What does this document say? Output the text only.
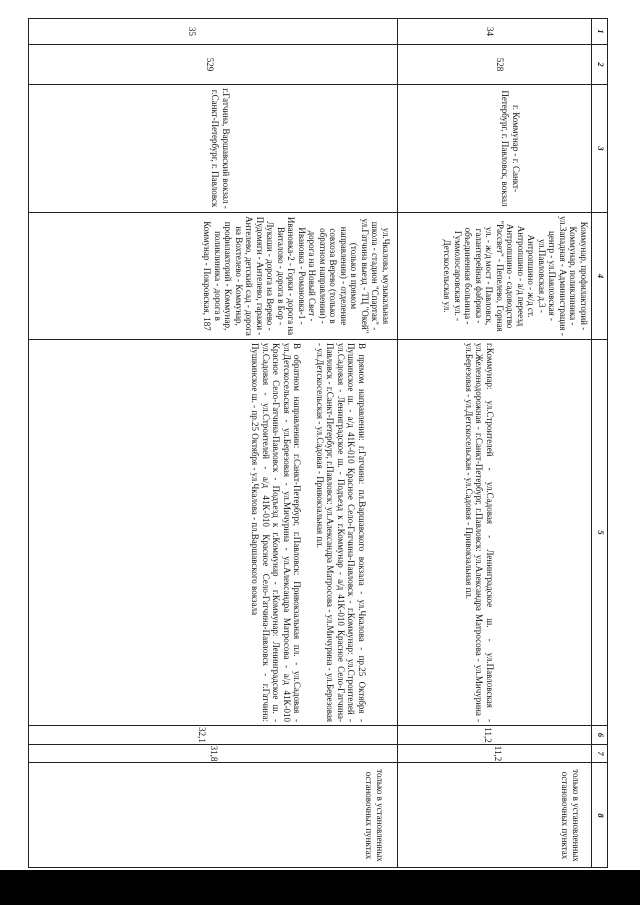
1
2
3
4
5
6
7
8
34
528
г. Коммунар - г. Санкт-Петербург, г. Павловск, вокзал
Коммунар, профилакторий - Коммунар, поликлиника - ул.Западная - Администрация - центр - ул.Павловская - ул.Павловская д.3 - Антропшино - ж/д ст. Антропшино - а/д переезд Антропшино - садоводство "Рассвет" - Пепелево, Горная ул. - ж/д мост - Павловск, галантерейная фабрика - объединенная больница - Гуммолосаровская ул. - Детскосельская ул.
г.Коммунар: ул.Строителей - ул.Садовая - Ленинградское ш. - ул.Павловская - ул.Железнодорожная - г.Санкт-Петербург, г.Павловск: ул.Александра Матросова - ул.Мичурина - ул.Березовая - ул.Детскосельская - ул.Садовая - Привокзальная пл.
11,2
11,2
только в установленных остановочных пунктах
35
529
г.Гатчина, Варшавский вокзал - г.Санкт-Петербург, г. Павловск
ул.Чкалова, музыкальная школа - стадион "Спартак" - ул.Гатчина выезд - ТЦ "Окей" (только в прямом направлении) - отделение совхоза Верево (только в обратном направлении) - дорога на Новый Свет - Ивановка - Романовка-1 - Ивановка-2 - Горки - дорога на Виталово - дорога в Бор - Лукаши - дорога на Верево - Пудомяги - Антелево, гаражи - Антелево, детский сад - дорога на Вохтелево - Коммунар, профилакторий - Коммунар, поликлиника - дорога в Коммунар - Покровская, 187
В прямом направлении: г.Гатчина: пл.Варшавского вокзала - ул.Чкалова - пр.25 Октября - Пушкинское ш. - а/д 41К-010 Красное Село-Гатчина-Павловск - г.Коммунар: ул.Строителей - ул.Садовая - Ленинградское ш. - Подъезд к г.Коммунар - а/д 41К-010 Красное Село-Гатчина-Павловск - г.Санкт-Петербург, г.Павловск: ул.Александра Матросова - ул.Мичурина - ул.Березовая - ул.Детскосельская - ул.Садовая - Привокзальная пл.
В обратном направлении: г.Санкт-Петербург, г.Павловск: Привокзальная пл. - ул.Садовая - ул.Детскосельская - ул.Березовая - ул.Мичурина - ул.Александра Матросова - а/д 41К-010 Красное Село-Гатчина-Павловск - Подъезд к г.Коммунар - г.Коммунар: Ленинградское ш. - ул.Садовая - ул.Строителей - а/д 41К-010 Красное Село-Гатчина-Павловск - г.Гатчина: Пушкинское ш. - пр.25 Октября - ул.Чкалова - пл.Варшавского вокзала
32,1
31,8
только в установленных остановочных пунктах
